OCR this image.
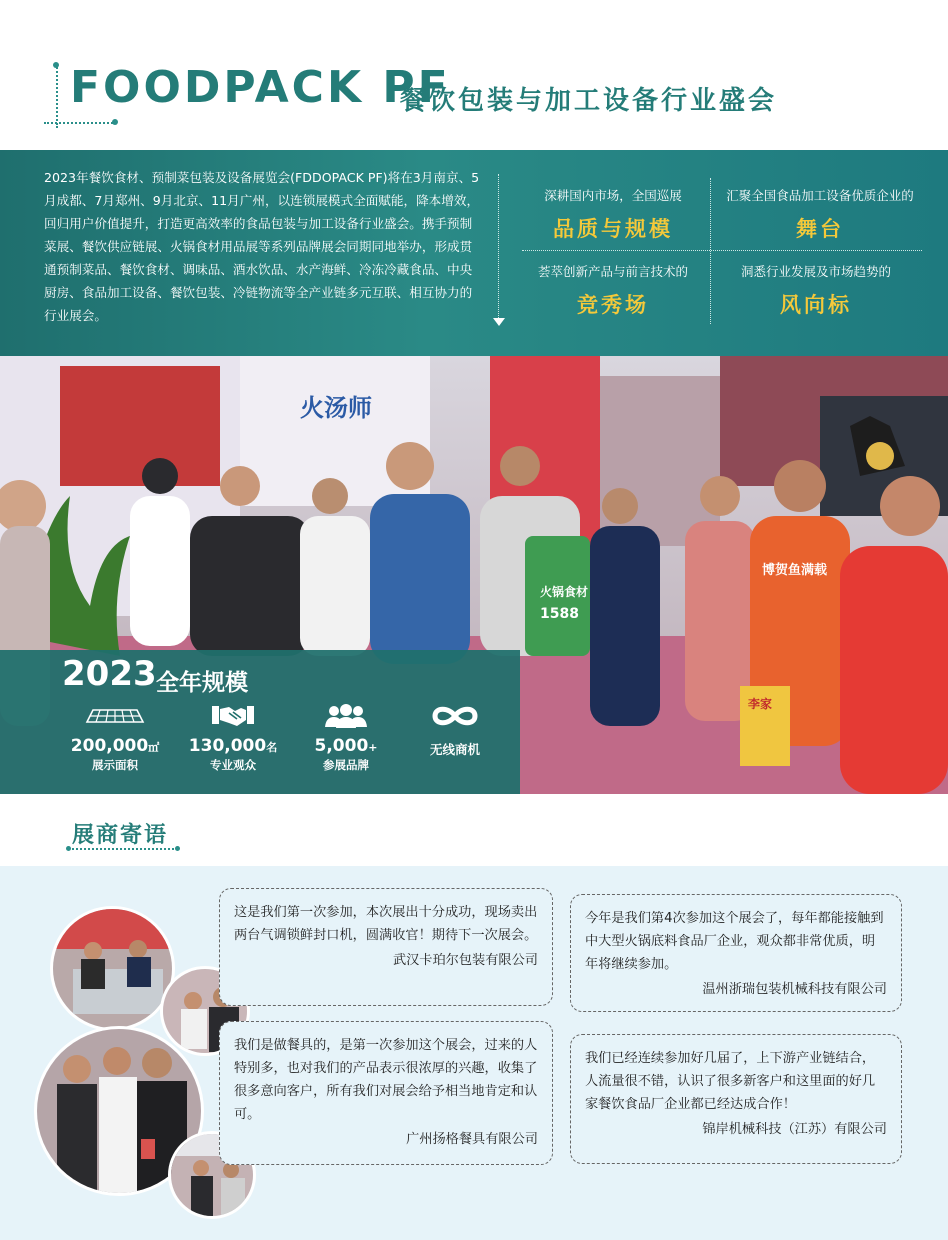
FOODPACK PF
餐饮包装与加工设备行业盛会
2023年餐饮食材、预制菜包装及设备展览会(FDDOPACK PF)将在3月南京、5月成都、7月郑州、9月北京、11月广州，以连锁展模式全面赋能，降本增效，回归用户价值提升，打造更高效率的食品包装与加工设备行业盛会。携手预制菜展、餐饮供应链展、火锅食材用品展等系列品牌展会同期同地举办，形成贯通预制菜品、餐饮食材、调味品、酒水饮品、水产海鲜、冷冻冷藏食品、中央厨房、食品加工设备、餐饮包装、冷链物流等全产业链多元互联、相互协力的行业展会。
深耕国内市场，全国巡展
品质与规模
汇聚全国食品加工设备优质企业的
舞台
荟萃创新产品与前言技术的
竞秀场
洞悉行业发展及市场趋势的
风向标
火汤师
火锅食材
1588
博贺鱼满载
李家
2023 全年规模
200,000㎡
展示面积
130,000名
专业观众
5,000+
参展品牌
无线商机
展商寄语
这是我们第一次参加，本次展出十分成功，现场卖出两台气调锁鲜封口机，圆满收官！期待下一次展会。
武汉卡珀尔包装有限公司
今年是我们第4次参加这个展会了，每年都能接触到中大型火锅底料食品厂企业，观众都非常优质，明年将继续参加。
温州浙瑞包装机械科技有限公司
我们是做餐具的，是第一次参加这个展会，过来的人特别多，也对我们的产品表示很浓厚的兴趣，收集了很多意向客户，所有我们对展会给予相当地肯定和认可。
广州扬格餐具有限公司
我们已经连续参加好几届了，上下游产业链结合，人流量很不错，认识了很多新客户和这里面的好几家餐饮食品厂企业都已经达成合作！
锦岸机械科技（江苏）有限公司
